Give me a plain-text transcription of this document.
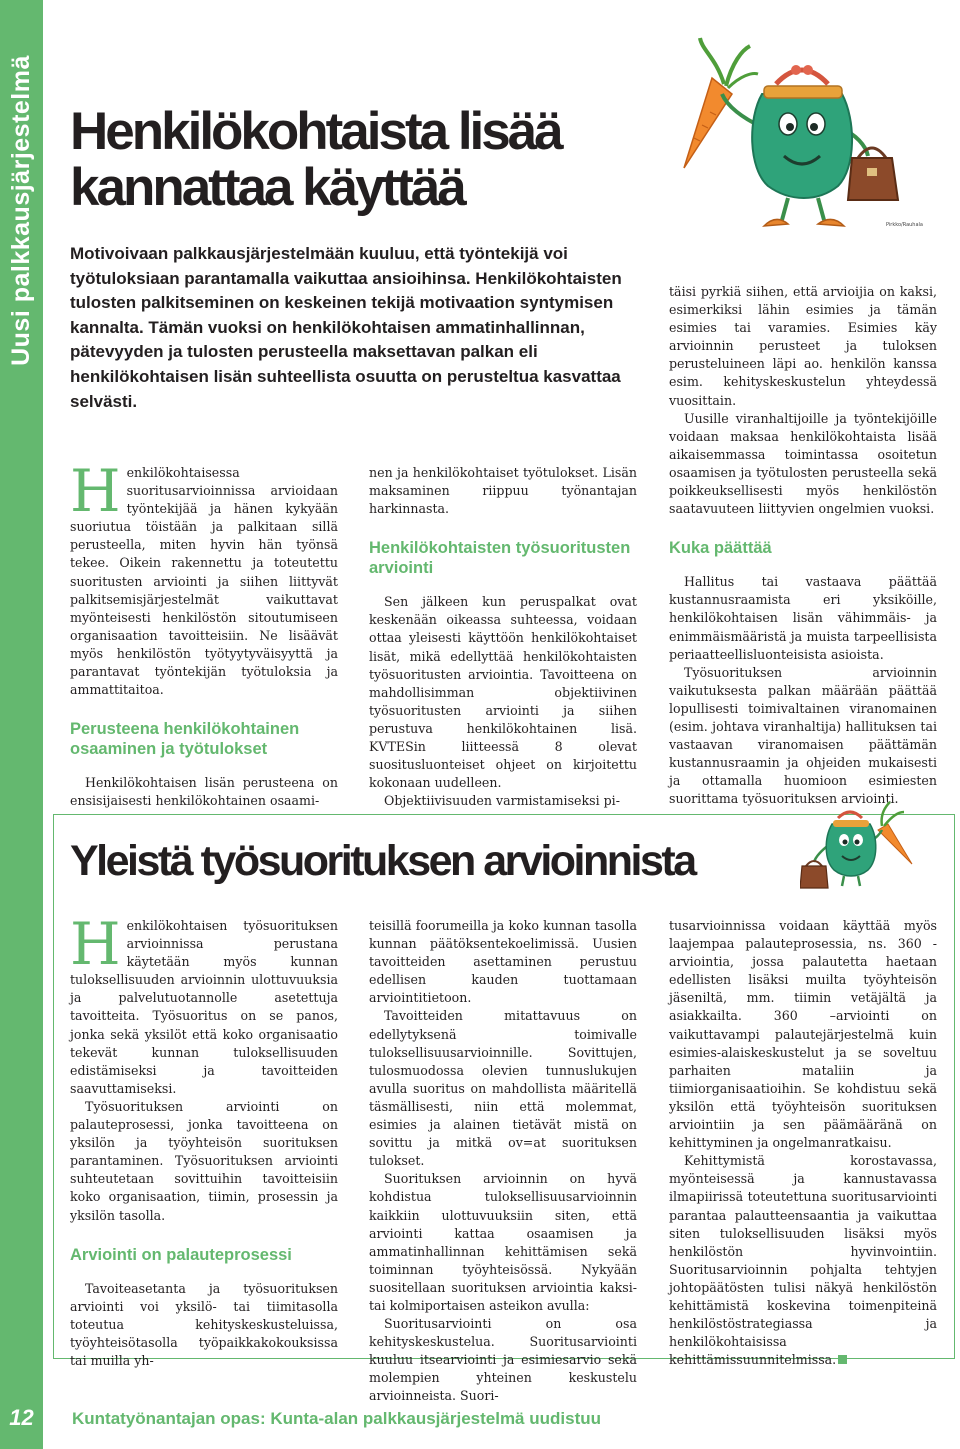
Uusi palkkausjärjestelmä
12
Henkilökohtaista lisää
kannattaa käyttää

Motivoivaan palkkausjärjestelmään kuuluu, että työntekijä voi työtuloksiaan parantamalla vaikuttaa ansioihinsa. Henkilökohtaisten tulosten palkitseminen on keskeinen tekijä motivaation syntymisen kannalta. Tämän vuoksi on henkilökohtaisen ammatinhallinnan, pätevyyden ja tulosten perusteella maksettavan palkan eli henkilökohtaisen lisän suhteellista osuutta on perusteltua kasvattaa selvästi.

Pirkko/Rauhala
H enkilökohtaisessa suoritusarvioinnissa arvioidaan työntekijää ja hänen kykyään suoriutua töistään ja palkitaan sillä perusteella, miten hyvin hän työnsä tekee. Oikein rakennettu ja toteutettu suoritusten arviointi ja siihen liittyvät palkitsemisjärjestelmät vaikuttavat myönteisesti henkilöstön sitoutumiseen organisaation tavoitteisiin. Ne lisäävät myös henkilöstön työtyytyväisyyttä ja parantavat työntekijän työtuloksia ja ammattitaitoa.

Perusteena henkilökohtainen osaaminen ja työtulokset

Henkilökohtaisen lisän perusteena on ensisijaisesti henkilökohtainen osaami-

nen ja henkilökohtaiset työtulokset. Lisän maksaminen riippuu työnantajan harkinnasta.

Henkilökohtaisten työsuoritusten arviointi

Sen jälkeen kun peruspalkat ovat keskenään oikeassa suhteessa, voidaan ottaa yleisesti käyttöön henkilökohtaiset lisät, mikä edellyttää henkilökohtaisten työsuoritusten arviointia. Tavoitteena on mahdollisimman objektiivinen työsuoritusten arviointi ja siihen perustuva henkilökohtainen lisä. KVTESin liitteessä 8 olevat suositusluonteiset ohjeet on kirjoitettu kokonaan uudelleen.

Objektiivisuuden varmistamiseksi pi-

täisi pyrkiä siihen, että arvioijia on kaksi, esimerkiksi lähin esimies ja tämän esimies tai varamies. Esimies käy arvioinnin perusteet ja tuloksen perusteluineen läpi ao. henkilön kanssa esim. kehityskeskustelun yhteydessä vuosittain.

Uusille viranhaltijoille ja työntekijöille voidaan maksaa henkilökohtaista lisää aikaisemmassa toimintassa osoitetun osaamisen ja työtulosten perusteella sekä poikkeuksellisesti myös henkilöstön saatavuuteen liittyvien ongelmien vuoksi.

Kuka päättää

Hallitus tai vastaava päättää kustannusraamista eri yksiköille, henkilökohtaisen lisän vähimmäis- ja enimmäismääristä ja muista tarpeellisista periaatteellisluonteisista asioista.

Työsuorituksen arvioinnin vaikutuksesta palkan määrään päättää lopullisesti toimivaltainen viranomainen (esim. johtava viranhaltija) hallituksen tai vastaavan viranomaisen päättämän kustannusraamin ja ohjeiden mukaisesti ja ottamalla huomioon esimiesten suorittama työsuorituksen arviointi.

Yleistä työsuorituksen arvioinnista
H enkilökohtaisen työsuorituksen arvioinnissa perustana käytetään myös kunnan tuloksellisuuden arvioinnin ulottuvuuksia ja palvelutuotannolle asetettuja tavoitteita. Työsuoritus on se panos, jonka sekä yksilöt että koko organisaatio tekevät kunnan tuloksellisuuden edistämiseksi ja tavoitteiden saavuttamiseksi.

Työsuorituksen arviointi on palauteprosessi, jonka tavoitteena on yksilön ja työyhteisön suorituksen parantaminen. Työsuorituksen arviointi suhteutetaan sovittuihin tavoitteisiin koko organisaation, tiimin, prosessin ja yksilön tasolla.

Arviointi on palauteprosessi

Tavoiteasetanta ja työsuorituksen arviointi voi yksilö- tai tiimitasolla toteutua kehityskeskusteluissa, työyhteisötasolla työpaikkakokouksissa tai muilla yh-

teisillä foorumeilla ja koko kunnan tasolla kunnan päätöksentekoelimissä. Uusien tavoitteiden asettaminen perustuu edellisen kauden tuottamaan arviointitietoon.

Tavoitteiden mitattavuus on edellytyksenä toimivalle tuloksellisuusarvioinnille. Sovittujen, tulosmuodossa olevien tunnuslukujen avulla suoritus on mahdollista määritellä täsmällisesti, niin että molemmat, esimies ja alainen tietävät mistä on sovittu ja mitkä ov=at suorituksen tulokset.

Suorituksen arvioinnin on hyvä kohdistua tuloksellisuusarvioinnin kaikkiin ulottuvuuksiin siten, että arviointi kattaa osaamisen ja ammatinhallinnan kehittämisen sekä toiminnan työyhteisössä. Nykyään suositellaan suorituksen arviointia kaksi- tai kolmiportaisen asteikon avulla:

Suoritusarviointi on osa kehityskeskustelua. Suoritusarviointi kuuluu itsearviointi ja esimiesarvio sekä molempien yhteinen keskustelu arvioinneista. Suori-

tusarvioinnissa voidaan käyttää myös laajempaa palauteprosessia, ns. 360 -arviointia, jossa palautetta haetaan edellisten lisäksi muilta työyhteisön jäseniltä, mm. tiimin vetäjältä ja asiakkailta. 360 –arviointi on vaikuttavampi palautejärjestelmä kuin esimies-alaiskeskustelut ja se soveltuu parhaiten mataliin ja tiimiorganisaatioihin. Se kohdistuu sekä yksilön että työyhteisön suorituksen arviointiin ja sen päämääränä on kehittyminen ja ongelmanratkaisu.

Kehittymistä korostavassa, myönteisessä ja kannustavassa ilmapiirissä toteutettuna suoritusarviointi parantaa palautteensaantia ja vaikuttaa siten tuloksellisuuden lisäksi myös henkilöstön hyvinvointiin. Suoritusarvioinnin pohjalta tehtyjen johtopäätösten tulisi näkyä henkilöstön kehittämistä koskevina toimenpiteinä henkilöstöstrategiassa ja henkilökohtaisissa kehittämissuunnitelmissa.

Kuntatyönantajan opas: Kunta-alan palkkausjärjestelmä uudistuu
